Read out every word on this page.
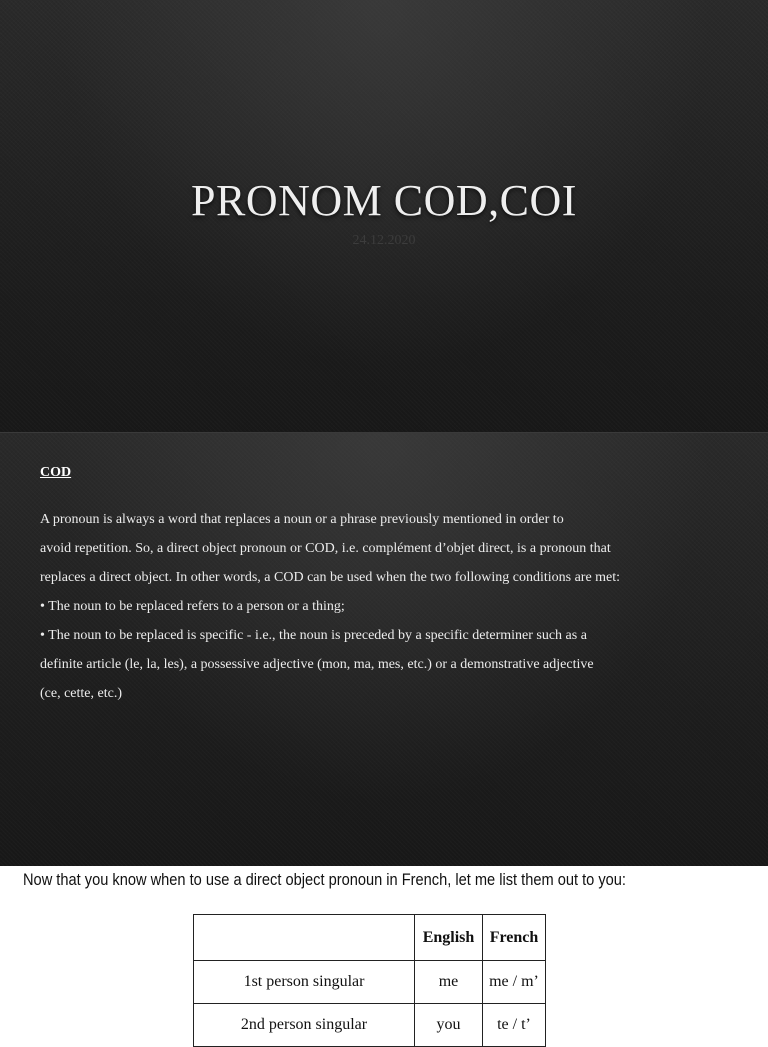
PRONOM COD,COI
24.12.2020
COD
A pronoun is always a word that replaces a noun or a phrase previously mentioned in order to
avoid repetition. So, a direct object pronoun or COD, i.e. complément d’objet direct, is a pronoun that
replaces a direct object. In other words, a COD can be used when the two following conditions are met:
• The noun to be replaced refers to a person or a thing;
• The noun to be replaced is specific - i.e., the noun is preceded by a specific determiner such as a
definite article (le, la, les), a possessive adjective (mon, ma, mes, etc.) or a demonstrative adjective
(ce, cette, etc.)
Now that you know when to use a direct object pronoun in French, let me list them out to you:
	English	French
1st person singular	me	me / m’
2nd person singular	you	te / t’
